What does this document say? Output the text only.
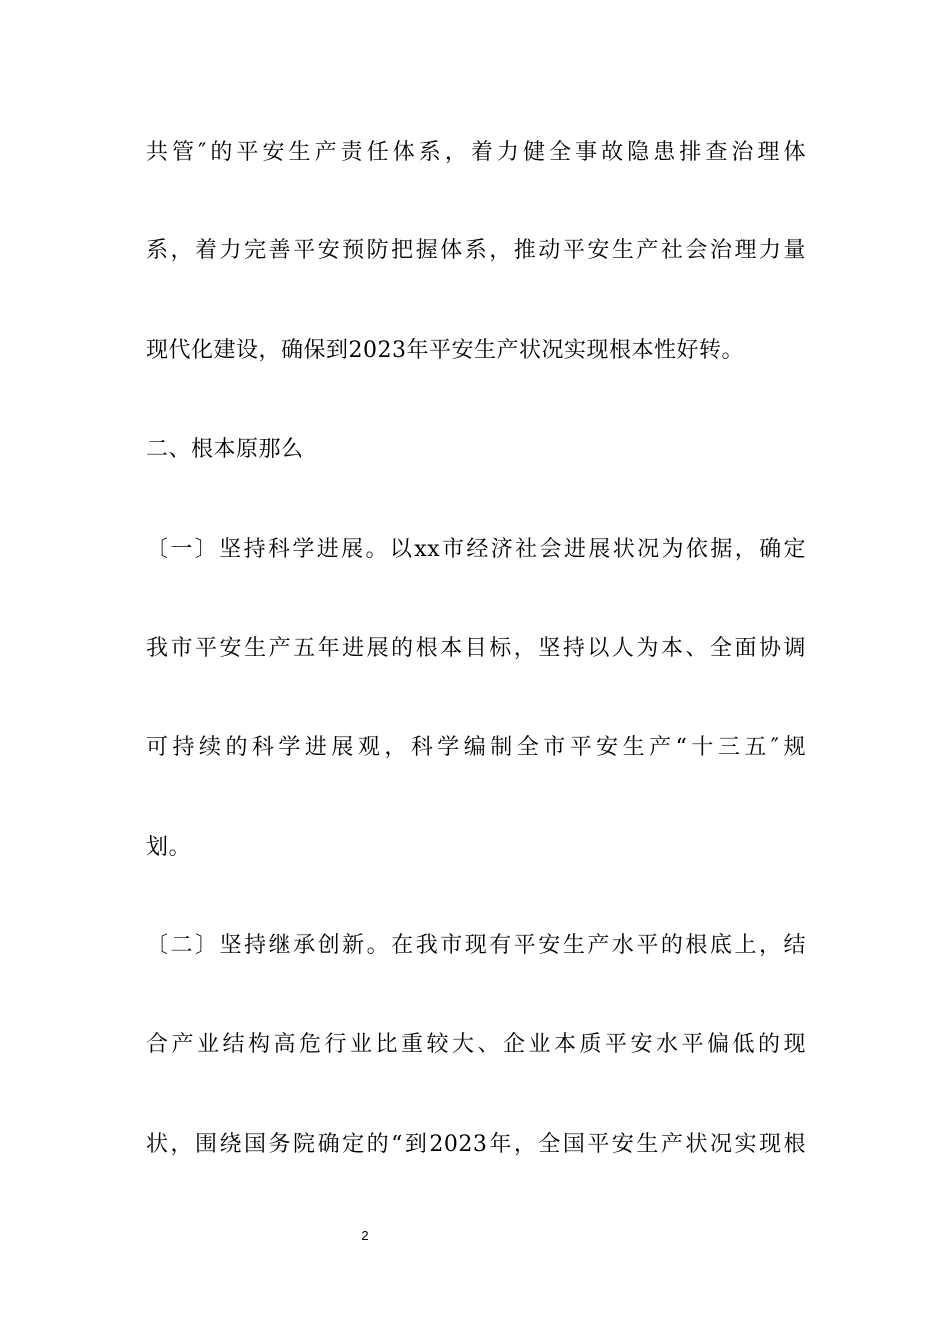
共管″的平安生产责任体系，着力健全事故隐患排查治理体
系，着力完善平安预防把握体系，推动平安生产社会治理力量
现代化建设，确保到2023年平安生产状况实现根本性好转。
二、根本原那么
〔一〕坚持科学进展。以xx市经济社会进展状况为依据，确定
我市平安生产五年进展的根本目标，坚持以人为本、全面协调
可持续的科学进展观，科学编制全市平安生产“十三五″规
划。
〔二〕坚持继承创新。在我市现有平安生产水平的根底上，结
合产业结构高危行业比重较大、企业本质平安水平偏低的现
状，围绕国务院确定的“到2023年，全国平安生产状况实现根
2
